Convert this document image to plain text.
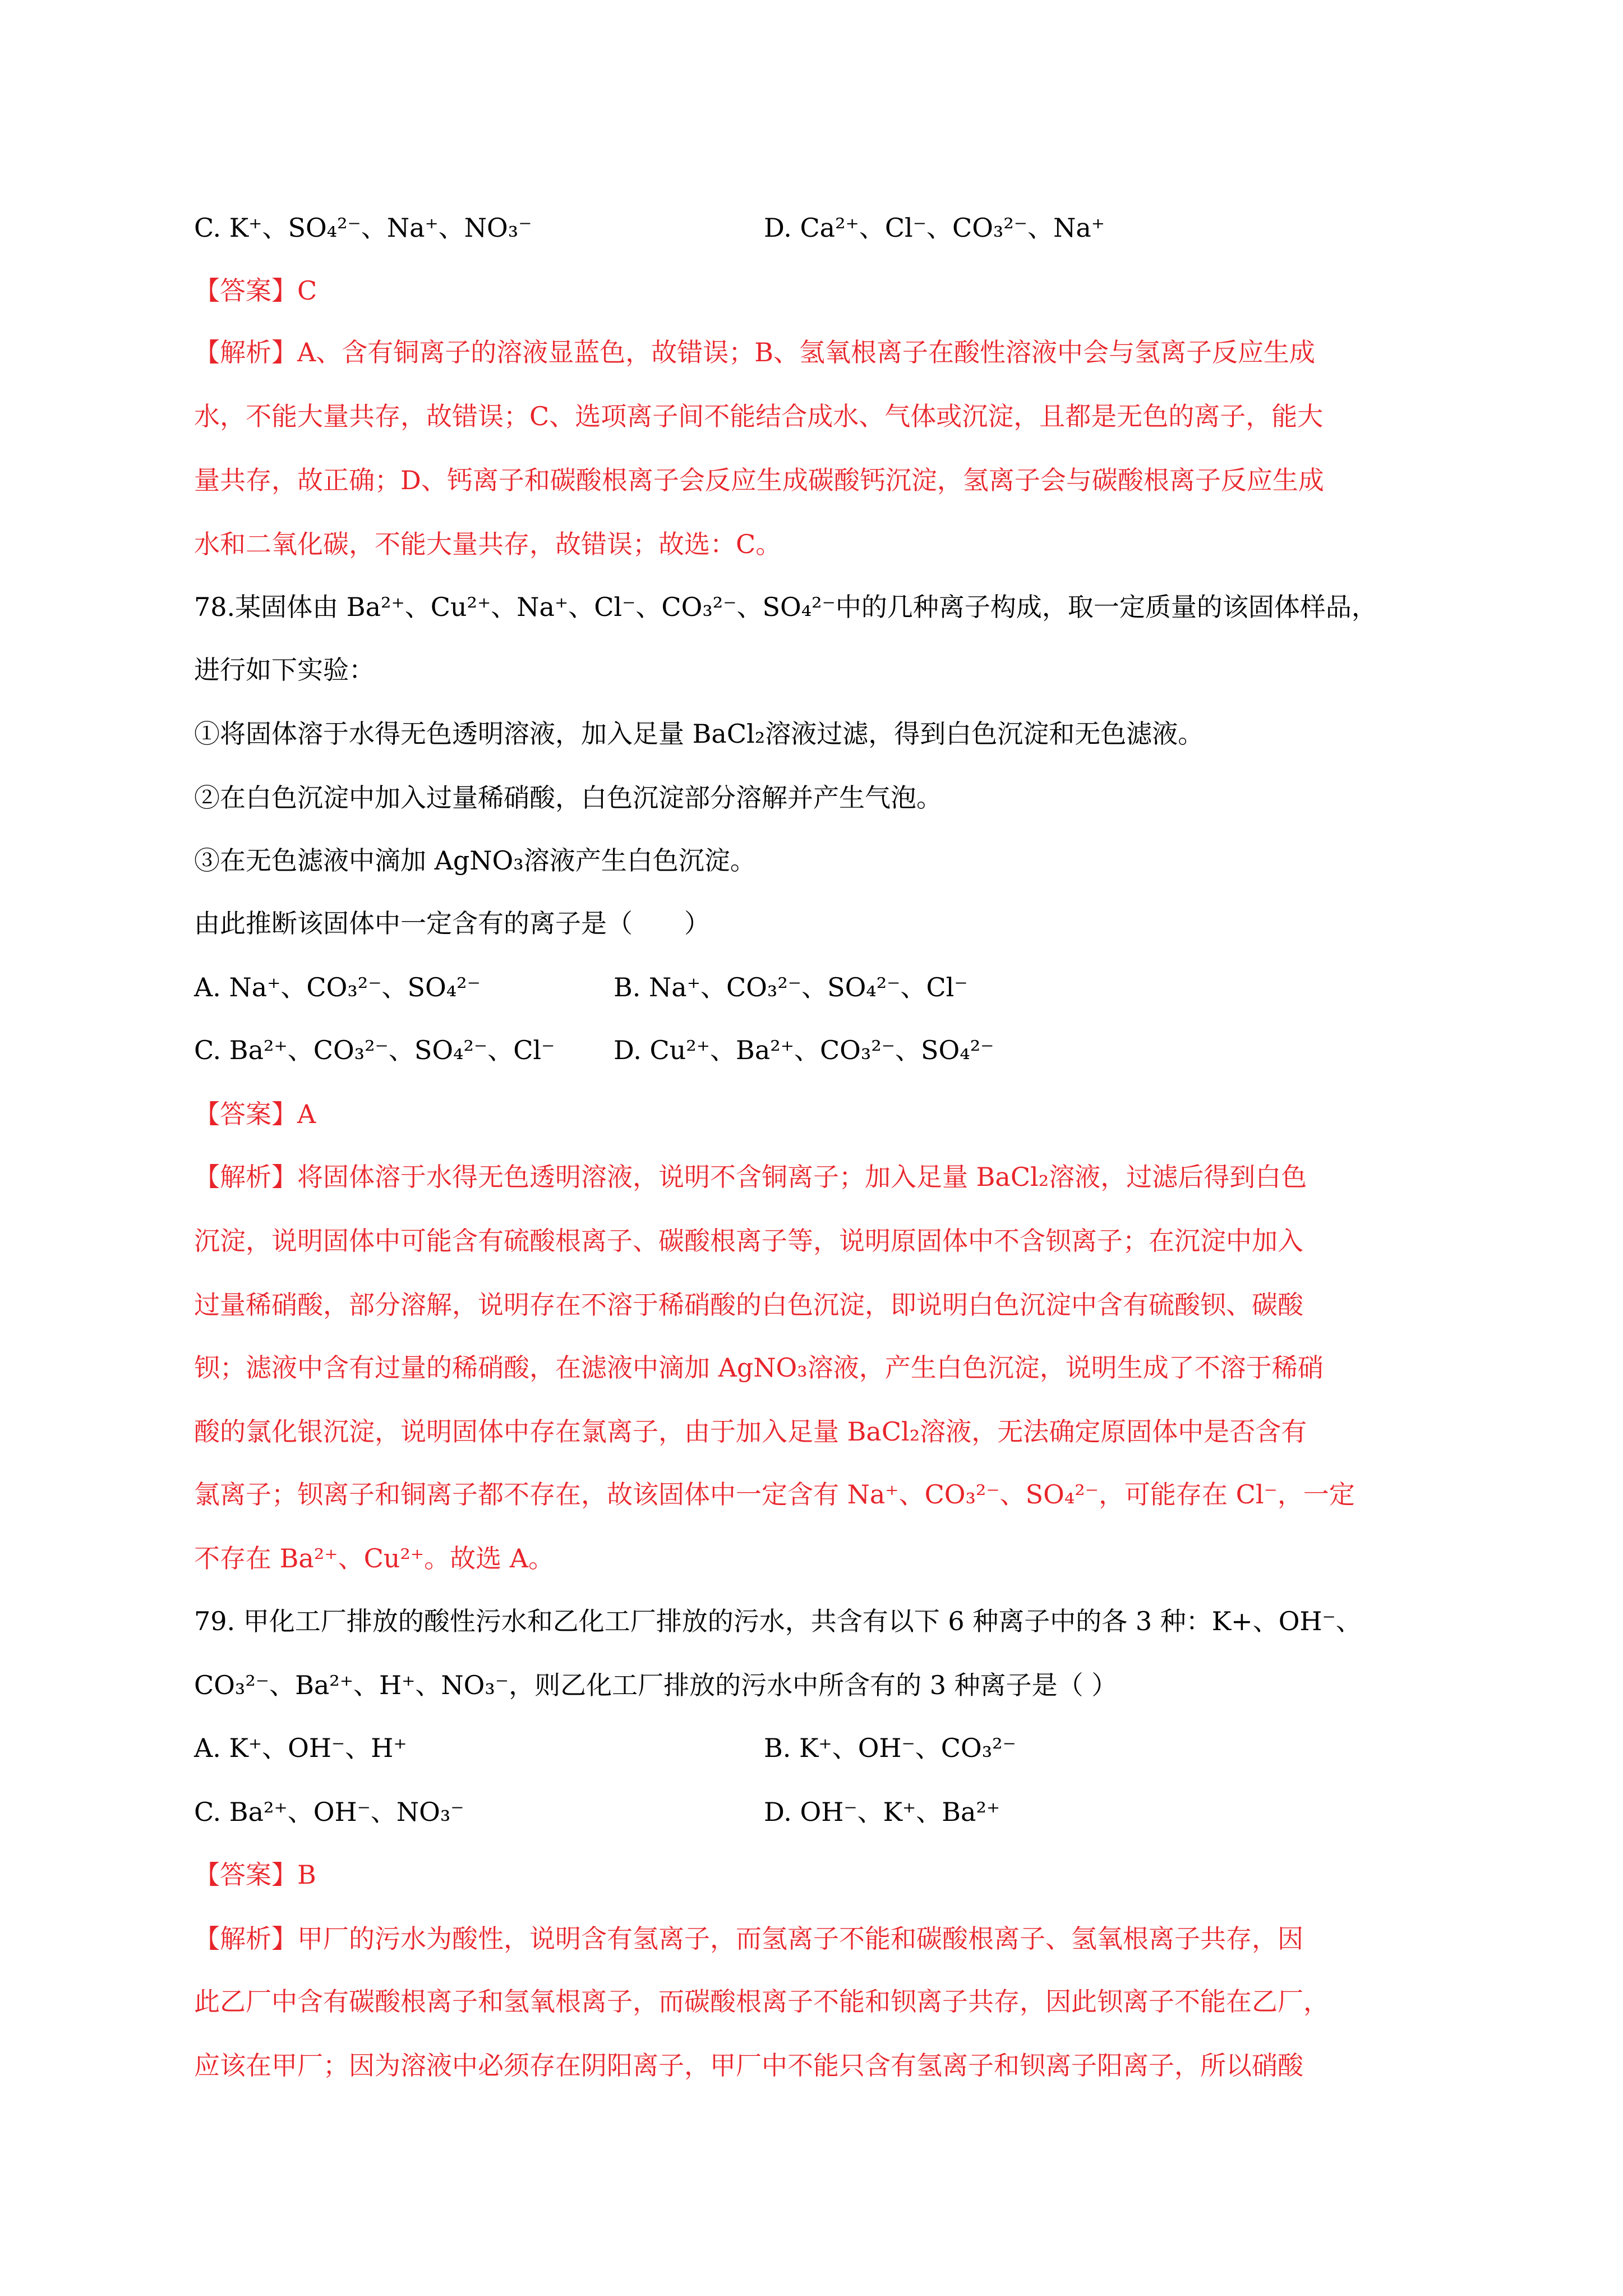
C. K⁺、SO₄²⁻、Na⁺、NO₃⁻	D. Ca²⁺、Cl⁻、CO₃²⁻、Na⁺
【答案】C
【解析】A、含有铜离子的溶液显蓝色，故错误；B、氢氧根离子在酸性溶液中会与氢离子反应生成
水，不能大量共存，故错误；C、选项离子间不能结合成水、气体或沉淀，且都是无色的离子，能大
量共存，故正确；D、钙离子和碳酸根离子会反应生成碳酸钙沉淀，氢离子会与碳酸根离子反应生成
水和二氧化碳，不能大量共存，故错误；故选：C。
78.某固体由 Ba²⁺、Cu²⁺、Na⁺、Cl⁻、CO₃²⁻、SO₄²⁻中的几种离子构成，取一定质量的该固体样品，
进行如下实验：
①将固体溶于水得无色透明溶液，加入足量 BaCl₂溶液过滤，得到白色沉淀和无色滤液。
②在白色沉淀中加入过量稀硝酸，白色沉淀部分溶解并产生气泡。
③在无色滤液中滴加 AgNO₃溶液产生白色沉淀。
由此推断该固体中一定含有的离子是（　　）
A. Na⁺、CO₃²⁻、SO₄²⁻	B. Na⁺、CO₃²⁻、SO₄²⁻、Cl⁻
C. Ba²⁺、CO₃²⁻、SO₄²⁻、Cl⁻ D. Cu²⁺、Ba²⁺、CO₃²⁻、SO₄²⁻
【答案】A
【解析】将固体溶于水得无色透明溶液，说明不含铜离子；加入足量 BaCl₂溶液，过滤后得到白色
沉淀，说明固体中可能含有硫酸根离子、碳酸根离子等，说明原固体中不含钡离子；在沉淀中加入
过量稀硝酸，部分溶解，说明存在不溶于稀硝酸的白色沉淀，即说明白色沉淀中含有硫酸钡、碳酸
钡；滤液中含有过量的稀硝酸，在滤液中滴加 AgNO₃溶液，产生白色沉淀，说明生成了不溶于稀硝
酸的氯化银沉淀，说明固体中存在氯离子，由于加入足量 BaCl₂溶液，无法确定原固体中是否含有
氯离子；钡离子和铜离子都不存在，故该固体中一定含有 Na⁺、CO₃²⁻、SO₄²⁻，可能存在 Cl⁻，一定
不存在 Ba²⁺、Cu²⁺。故选 A。
79. 甲化工厂排放的酸性污水和乙化工厂排放的污水，共含有以下 6 种离子中的各 3 种：K+、OH⁻、
CO₃²⁻、Ba²⁺、H⁺、NO₃⁻，则乙化工厂排放的污水中所含有的 3 种离子是（ ）
A. K⁺、OH⁻、H⁺	B. K⁺、OH⁻、CO₃²⁻
C. Ba²⁺、OH⁻、NO₃⁻	D. OH⁻、K⁺、Ba²⁺
【答案】B
【解析】甲厂的污水为酸性，说明含有氢离子，而氢离子不能和碳酸根离子、氢氧根离子共存，因
此乙厂中含有碳酸根离子和氢氧根离子，而碳酸根离子不能和钡离子共存，因此钡离子不能在乙厂，
应该在甲厂；因为溶液中必须存在阴阳离子，甲厂中不能只含有氢离子和钡离子阳离子，所以硝酸
